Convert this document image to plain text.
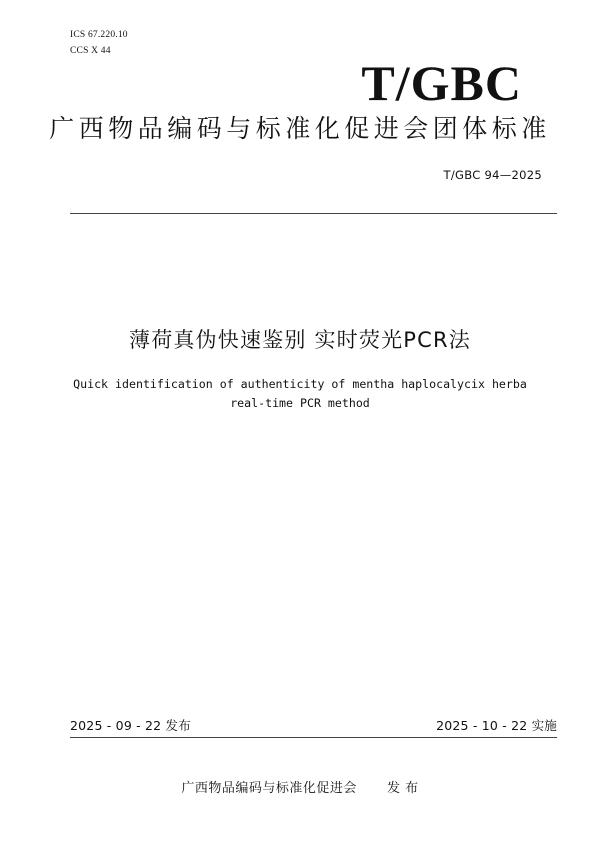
ICS 67.220.10
CCS X 44
T/GBC
广西物品编码与标准化促进会团体标准
T/GBC 94—2025
薄荷真伪快速鉴别 实时荧光PCR法
Quick identification of authenticity of mentha haplocalycix herba
real-time PCR method
2025 - 09 - 22 发布	2025 - 10 - 22 实施
广西物品编码与标准化促进会 发 布
